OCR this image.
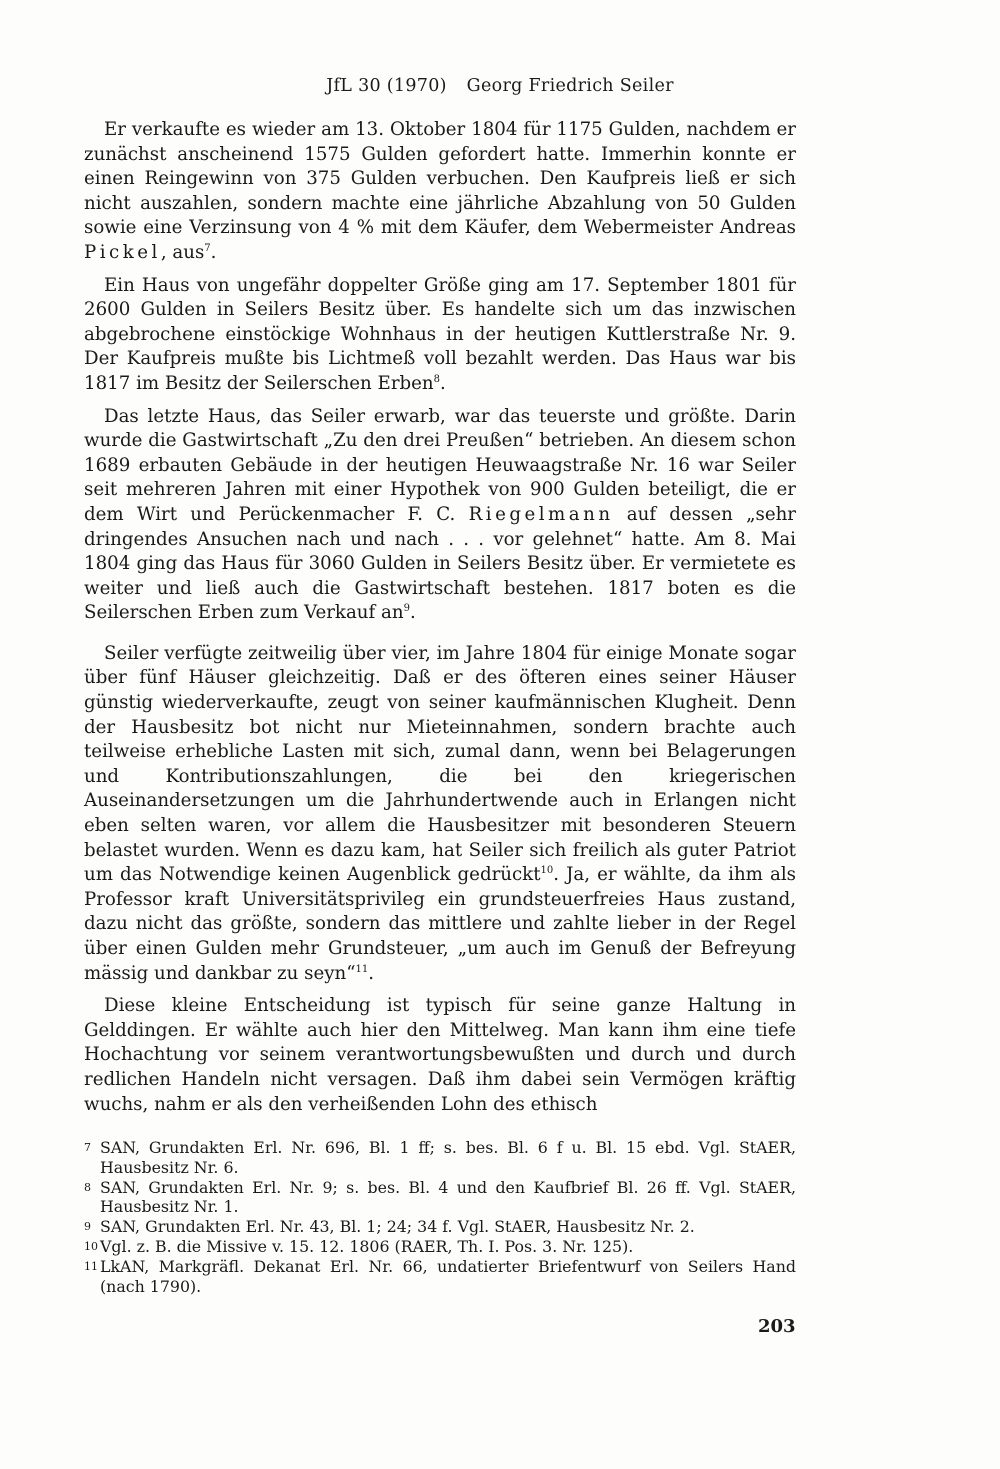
JfL 30 (1970) Georg Friedrich Seiler

Er verkaufte es wieder am 13. Oktober 1804 für 1175 Gulden, nachdem er zunächst anscheinend 1575 Gulden gefordert hatte. Immerhin konnte er einen Reingewinn von 375 Gulden verbuchen. Den Kaufpreis ließ er sich nicht auszahlen, sondern machte eine jährliche Abzahlung von 50 Gulden sowie eine Verzinsung von 4 % mit dem Käufer, dem Webermeister Andreas Pickel, aus$^7$.

Ein Haus von ungefähr doppelter Größe ging am 17. September 1801 für 2600 Gulden in Seilers Besitz über. Es handelte sich um das inzwischen abgebrochene einstöckige Wohnhaus in der heutigen Kuttlerstraße Nr. 9. Der Kaufpreis mußte bis Lichtmeß voll bezahlt werden. Das Haus war bis 1817 im Besitz der Seilerschen Erben$^8$.

Das letzte Haus, das Seiler erwarb, war das teuerste und größte. Darin wurde die Gastwirtschaft „Zu den drei Preußen“ betrieben. An diesem schon 1689 erbauten Gebäude in der heutigen Heuwaagstraße Nr. 16 war Seiler seit mehreren Jahren mit einer Hypothek von 900 Gulden beteiligt, die er dem Wirt und Perückenmacher F. C. Riegelmann auf dessen „sehr dringendes Ansuchen nach und nach . . . vor gelehnet“ hatte. Am 8. Mai 1804 ging das Haus für 3060 Gulden in Seilers Besitz über. Er vermietete es weiter und ließ auch die Gastwirtschaft bestehen. 1817 boten es die Seilerschen Erben zum Verkauf $an^9$.

Seiler verfügte zeitweilig über vier, im Jahre 1804 für einige Monate sogar über fünf Häuser gleichzeitig. Daß er des öfteren eines seiner Häuser günstig wiederverkaufte, zeugt von seiner kaufmännischen Klugheit. Denn der Hausbesitz bot nicht nur Mieteinnahmen, sondern brachte auch teilweise erhebliche Lasten mit sich, zumal dann, wenn bei Belagerungen und Kontributionszahlungen, die bei den kriegerischen Auseinandersetzungen um die Jahrhundertwende auch in Erlangen nicht eben selten waren, vor allem die Hausbesitzer mit besonderen Steuern belastet wurden. Wenn es dazu kam, hat Seiler sich freilich als guter Patriot um das Notwendige keinen Augenblick gedrückt$^{10}$. Ja, er wählte, da ihm als Professor kraft Universitätsprivileg ein grundsteuerfreies Haus zustand, dazu nicht das größte, sondern das mittlere und zahlte lieber in der Regel über einen Gulden mehr Grundsteuer, „um auch im Genuß der Befreyung mässig und dankbar zu seyn“$^{11}$.

Diese kleine Entscheidung ist typisch für seine ganze Haltung in Gelddingen. Er wählte auch hier den Mittelweg. Man kann ihm eine tiefe Hochachtung vor seinem verantwortungsbewußten und durch und durch redlichen Handeln nicht versagen. Daß ihm dabei sein Vermögen kräftig wuchs, nahm er als den verheißenden Lohn des ethisch

7 SAN, Grundakten Erl. Nr. 696, Bl. 1 ff; s. bes. Bl. 6 f u. Bl. 15 ebd. Vgl. StAER, Hausbesitz Nr. 6.

8 SAN, Grundakten Erl. Nr. 9; s. bes. Bl. 4 und den Kaufbrief Bl. 26 ff. Vgl. StAER, Hausbesitz Nr. 1.

9 SAN, Grundakten Erl. Nr. 43, Bl. 1; 24; 34 f. Vgl. StAER, Hausbesitz Nr. 2.

10 Vgl. z. B. die Missive v. 15. 12. 1806 (RAER, Th. I. Pos. 3. Nr. 125).

11 LkAN, Markgräfl. Dekanat Erl. Nr. 66, undatierter Briefentwurf von Seilers Hand (nach 1790).

203
